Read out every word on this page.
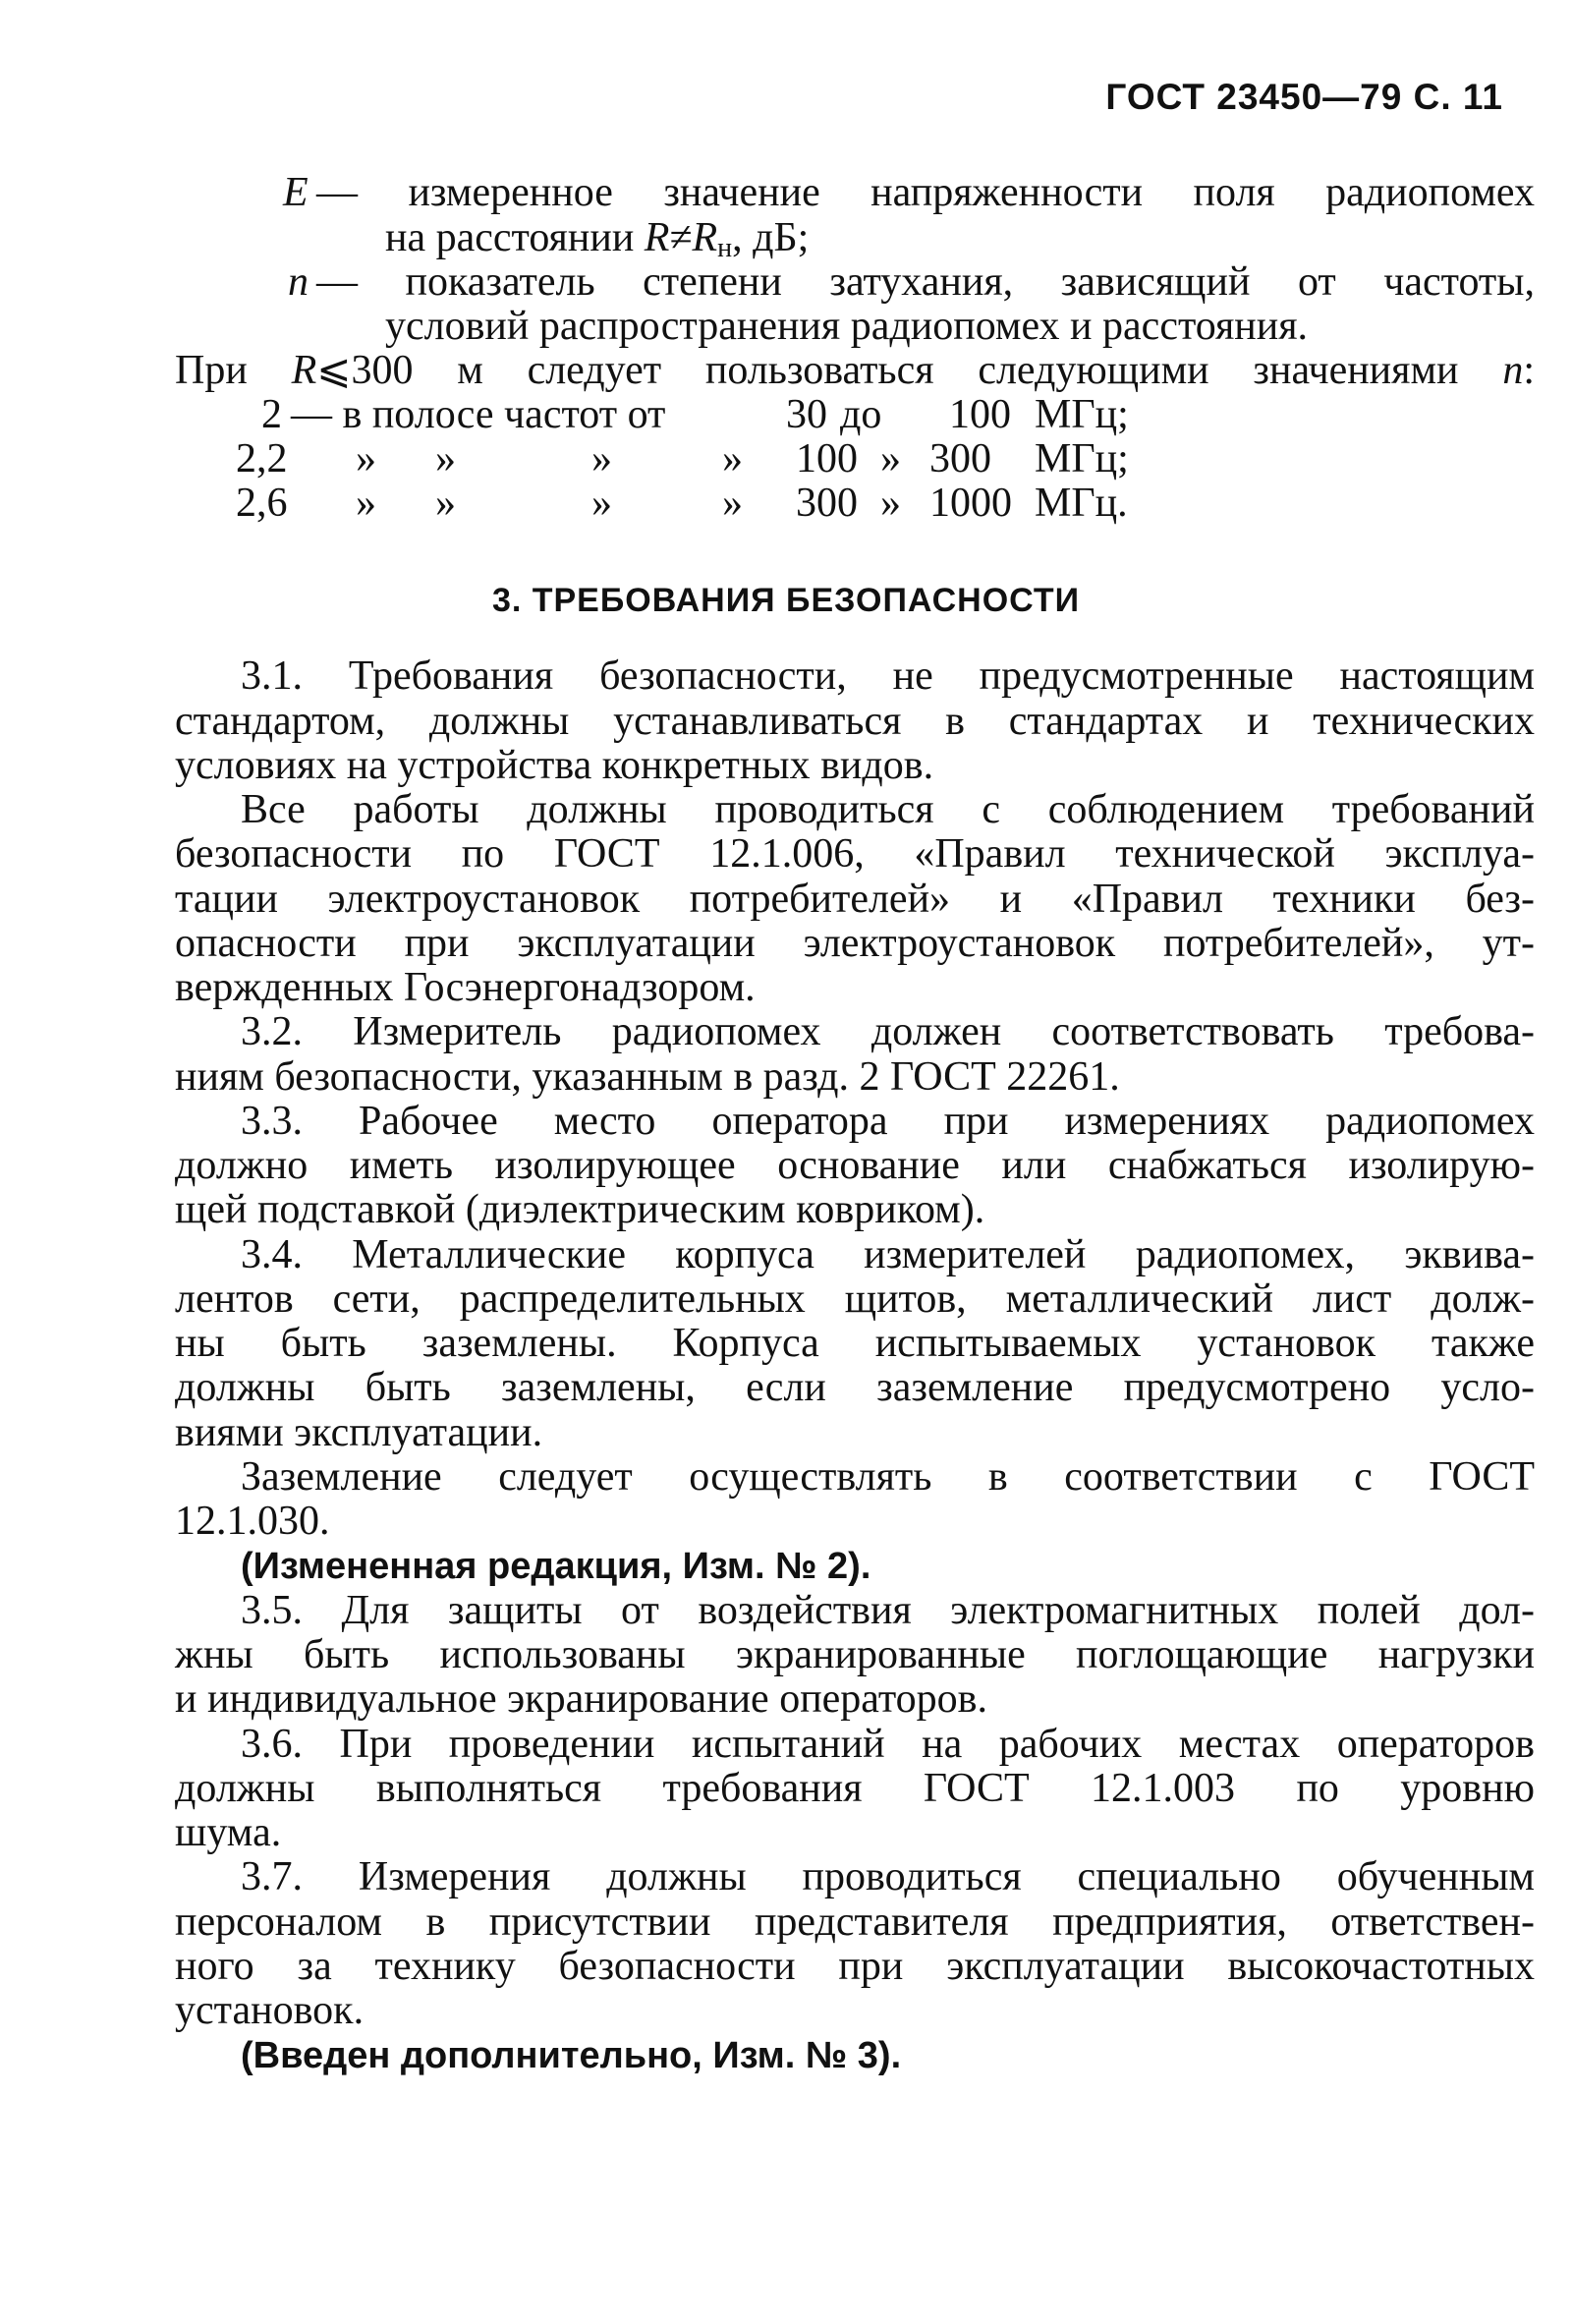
ГОСТ 23450—79 С. 11
E — измеренное значение напряженности поля радиопомех
на расстоянии $R\ne R_н$, дБ;
n — показатель степени затухания, зависящий от частоты,
условий распространения радиопомех и расстояния.
При R⩽300 м следует пользоваться следующими значениями n:
2 — в полосе частот от	30 до 100 МГц;
2,2 » »	»	» 100 » 300 МГц;
2,6 » »	»	» 300 » 1000 МГц.
3. ТРЕБОВАНИЯ БЕЗОПАСНОСТИ
3.1. Требования безопасности, не предусмотренные настоящим
стандартом, должны устанавливаться в стандартах и технических
условиях на устройства конкретных видов.
Все работы должны проводиться с соблюдением требований
безопасности по ГОСТ 12.1.006, «Правил технической эксплуа-
тации электроустановок потребителей» и «Правил техники без-
опасности при эксплуатации электроустановок потребителей», ут-
вержденных Госэнергонадзором.
3.2. Измеритель радиопомех должен соответствовать требова-
ниям безопасности, указанным в разд. 2 ГОСТ 22261.
3.3. Рабочее место оператора при измерениях радиопомех
должно иметь изолирующее основание или снабжаться изолирую-
щей подставкой (диэлектрическим ковриком).
3.4. Металлические корпуса измерителей радиопомех, эквива-
лентов сети, распределительных щитов, металлический лист долж-
ны быть заземлены. Корпуса испытываемых установок также
должны быть заземлены, если заземление предусмотрено усло-
виями эксплуатации.
Заземление следует осуществлять в соответствии с ГОСТ
12.1.030.
(Измененная редакция, Изм. № 2).
3.5. Для защиты от воздействия электромагнитных полей дол-
жны быть использованы экранированные поглощающие нагрузки
и индивидуальное экранирование операторов.
3.6. При проведении испытаний на рабочих местах операторов
должны выполняться требования ГОСТ 12.1.003 по уровню
шума.
3.7. Измерения должны проводиться специально обученным
персоналом в присутствии представителя предприятия, ответствен-
ного за технику безопасности при эксплуатации высокочастотных
установок.
(Введен дополнительно, Изм. № 3).
